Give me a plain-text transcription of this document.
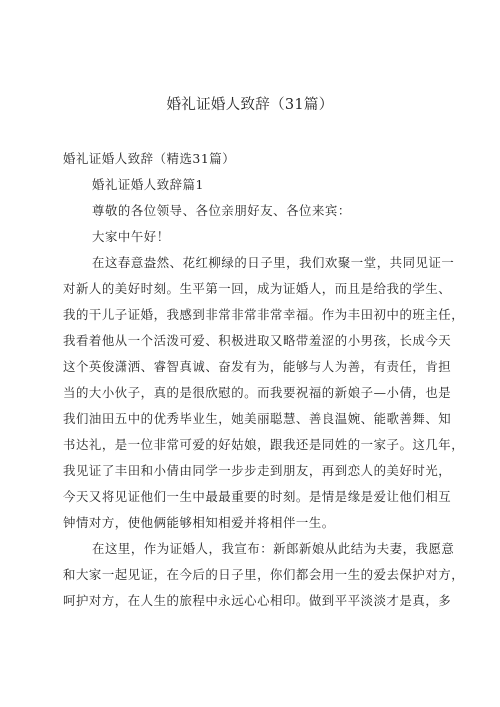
婚礼证婚人致辞（31篇）
婚礼证婚人致辞（精选31篇）
婚礼证婚人致辞篇1
尊敬的各位领导、各位亲朋好友、各位来宾：
大家中午好！
在这春意盎然、花红柳绿的日子里，我们欢聚一堂，共同见证一
对新人的美好时刻。生平第一回，成为证婚人，而且是给我的学生、
我的干儿子证婚，我感到非常非常非常幸福。作为丰田初中的班主任，
我看着他从一个活泼可爱、积极进取又略带羞涩的小男孩，长成今天
这个英俊潇洒、睿智真诚、奋发有为，能够与人为善，有责任，肯担
当的大小伙子，真的是很欣慰的。而我要祝福的新娘子—小倩，也是
我们油田五中的优秀毕业生，她美丽聪慧、善良温婉、能歌善舞、知
书达礼，是一位非常可爱的好姑娘，跟我还是同姓的一家子。这几年，
我见证了丰田和小倩由同学一步步走到朋友，再到恋人的美好时光，
今天又将见证他们一生中最最重要的时刻。是情是缘是爱让他们相互
钟情对方，使他俩能够相知相爱并将相伴一生。
在这里，作为证婚人，我宣布：新郎新娘从此结为夫妻，我愿意
和大家一起见证，在今后的日子里，你们都会用一生的爱去保护对方，
呵护对方，在人生的旅程中永远心心相印。做到平平淡淡才是真，多
